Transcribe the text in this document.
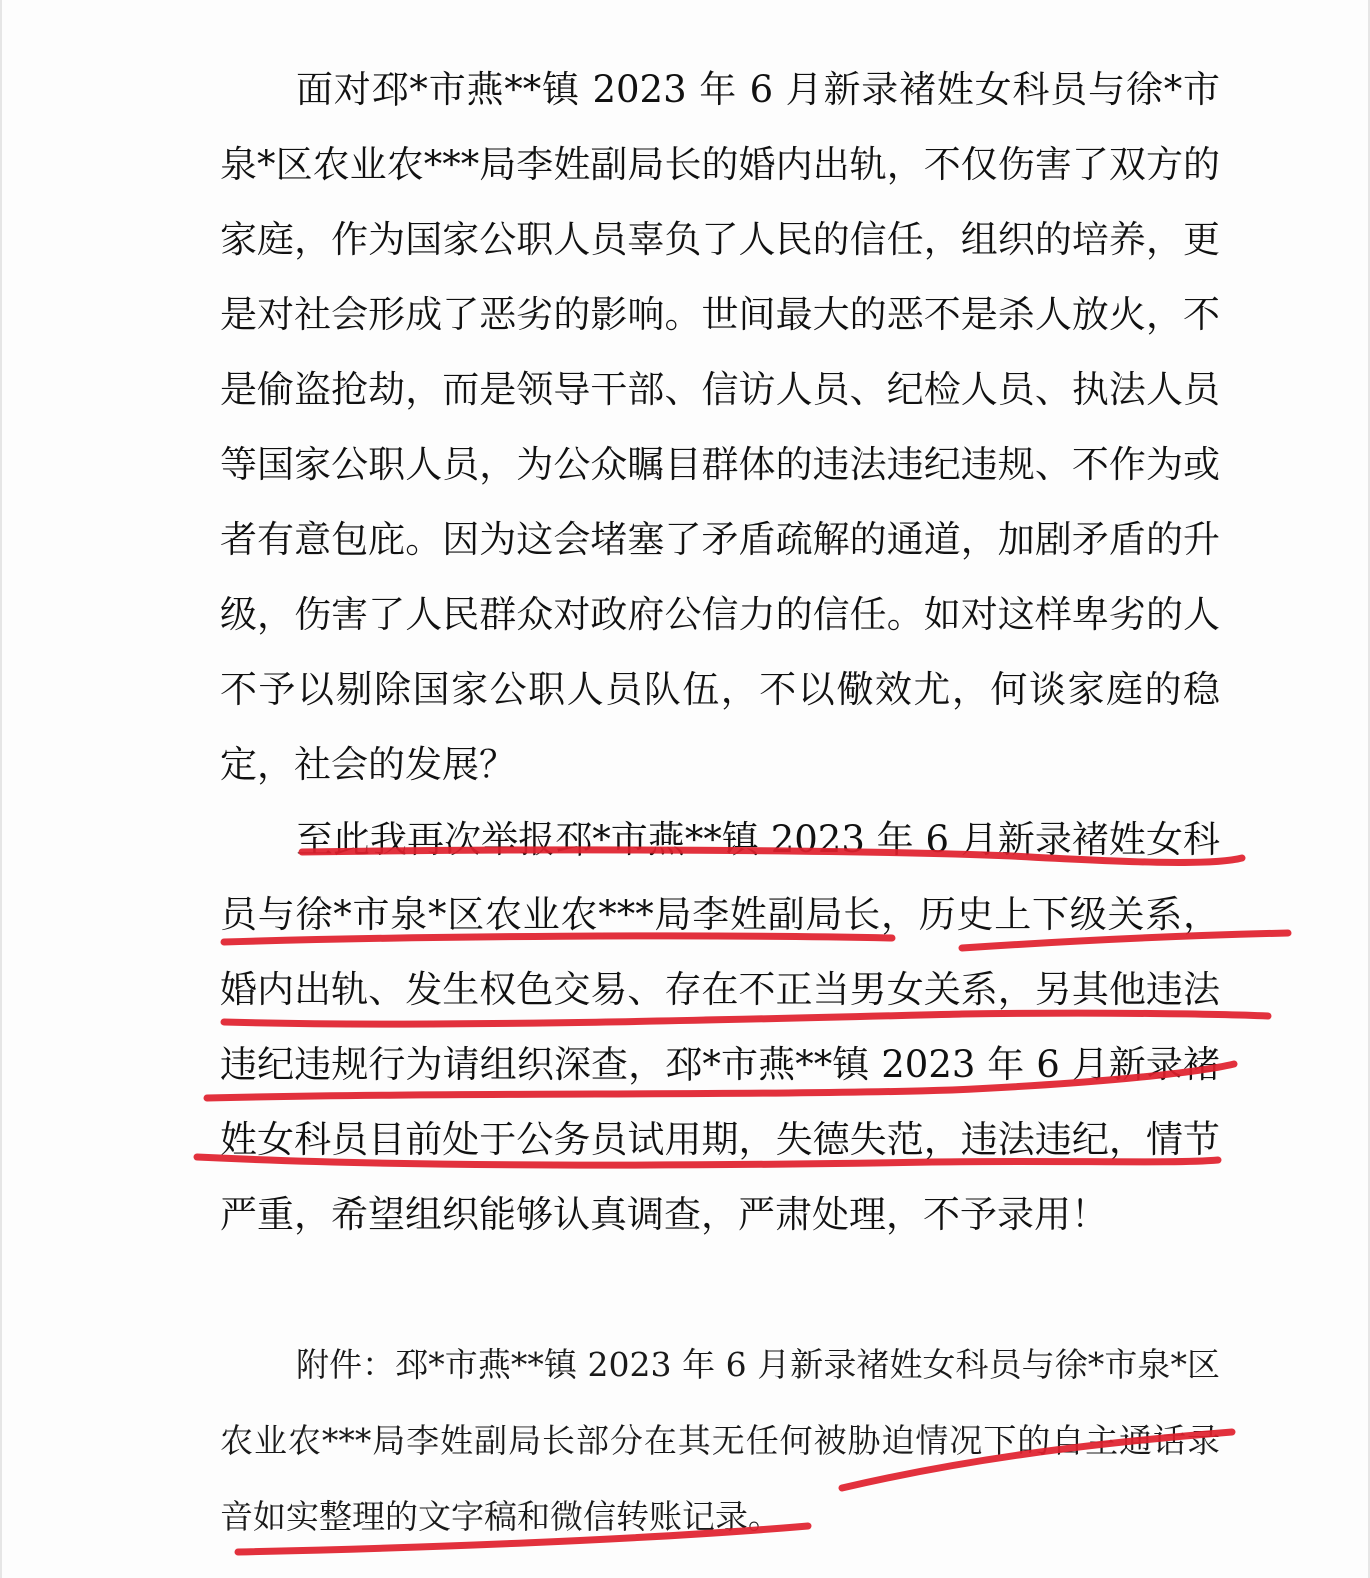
面对邳*市燕**镇 2023 年 6 月新录褚姓女科员与徐*市泉*区农业农***局李姓副局长的婚内出轨，不仅伤害了双方的家庭，作为国家公职人员辜负了人民的信任，组织的培养，更是对社会形成了恶劣的影响。世间最大的恶不是杀人放火，不是偷盗抢劫，而是领导干部、信访人员、纪检人员、执法人员等国家公职人员，为公众瞩目群体的违法违纪违规、不作为或者有意包庇。因为这会堵塞了矛盾疏解的通道，加剧矛盾的升级，伤害了人民群众对政府公信力的信任。如对这样卑劣的人不予以剔除国家公职人员队伍，不以儆效尤，何谈家庭的稳定，社会的发展？

至此我再次举报邳*市燕**镇 2023 年 6 月新录褚姓女科员与徐*市泉*区农业农***局李姓副局长，历史上下级关系，婚内出轨、发生权色交易、存在不正当男女关系，另其他违法违纪违规行为请组织深查，邳*市燕**镇 2023 年 6 月新录褚姓女科员目前处于公务员试用期，失德失范，违法违纪，情节严重，希望组织能够认真调查，严肃处理，不予录用！

附件：邳*市燕**镇 2023 年 6 月新录褚姓女科员与徐*市泉*区农业农***局李姓副局长部分在其无任何被胁迫情况下的自主通话录音如实整理的文字稿和微信转账记录。
